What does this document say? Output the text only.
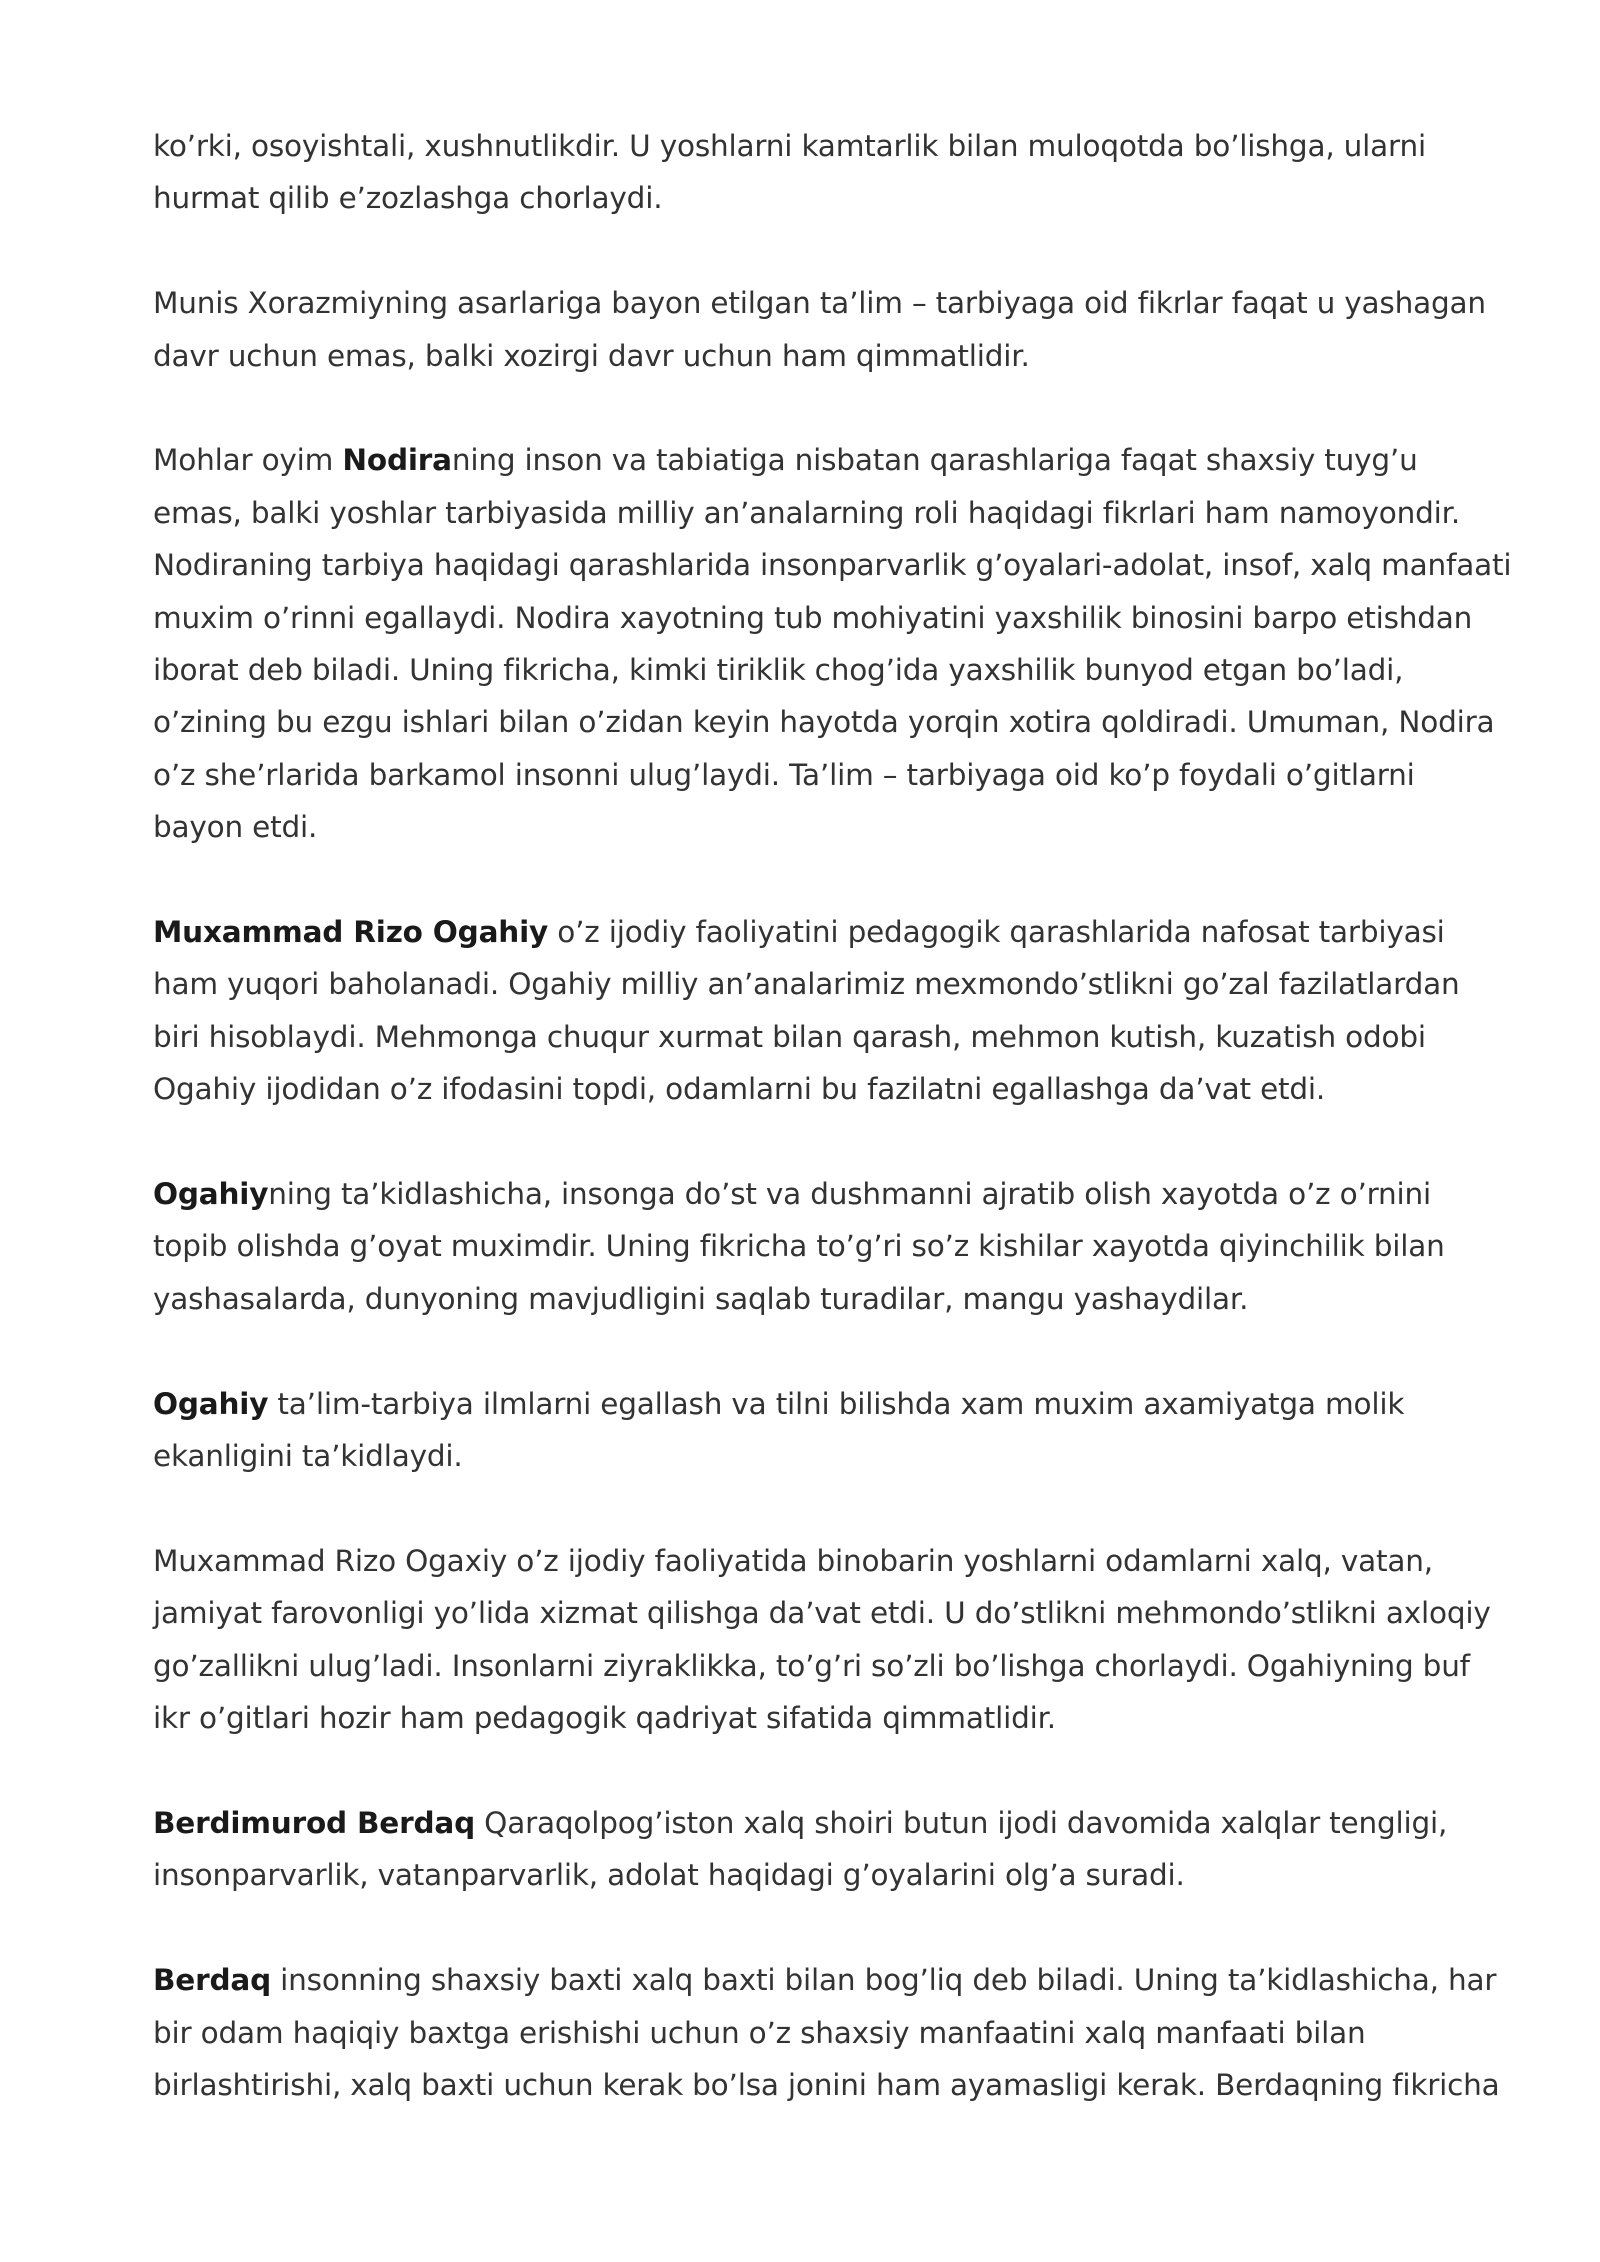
ko’rki, osoyishtali, xushnutlikdir. U yoshlarni kamtarlik bilan muloqotda bo’lishga, ularni hurmat qilib e’zozlashga chorlaydi.

Munis Xorazmiyning asarlariga bayon etilgan ta’lim – tarbiyaga oid fikrlar faqat u yashagan davr uchun emas, balki xozirgi davr uchun ham qimmatlidir.

Mohlar oyim Nodiraning inson va tabiatiga nisbatan qarashlariga faqat shaxsiy tuyg’u emas, balki yoshlar tarbiyasida milliy an’analarning roli haqidagi fikrlari ham namoyondir. Nodiraning tarbiya haqidagi qarashlarida insonparvarlik g’oyalari-adolat, insof, xalq manfaati muxim o’rinni egallaydi. Nodira xayotning tub mohiyatini yaxshilik binosini barpo etishdan iborat deb biladi. Uning fikricha, kimki tiriklik chog’ida yaxshilik bunyod etgan bo’ladi, o’zining bu ezgu ishlari bilan o’zidan keyin hayotda yorqin xotira qoldiradi. Umuman, Nodira o’z she’rlarida barkamol insonni ulug’laydi. Ta’lim – tarbiyaga oid ko’p foydali o’gitlarni bayon etdi.

Muxammad Rizo Ogahiy o’z ijodiy faoliyatini pedagogik qarashlarida nafosat tarbiyasi ham yuqori baholanadi. Ogahiy milliy an’analarimiz mexmondo’stlikni go’zal fazilatlardan biri hisoblaydi. Mehmonga chuqur xurmat bilan qarash, mehmon kutish, kuzatish odobi Ogahiy ijodidan o’z ifodasini topdi, odamlarni bu fazilatni egallashga da’vat etdi.

Ogahiyning ta’kidlashicha, insonga do’st va dushmanni ajratib olish xayotda o’z o’rnini topib olishda g’oyat muximdir. Uning fikricha to’g’ri so’z kishilar xayotda qiyinchilik bilan yashasalarda, dunyoning mavjudligini saqlab turadilar, mangu yashaydilar.

Ogahiy ta’lim-tarbiya ilmlarni egallash va tilni bilishda xam muxim axamiyatga molik ekanligini ta’kidlaydi.

Muxammad Rizo Ogaxiy o’z ijodiy faoliyatida binobarin yoshlarni odamlarni xalq, vatan, jamiyat farovonligi yo’lida xizmat qilishga da’vat etdi. U do’stlikni mehmondo’stlikni axloqiy go’zallikni ulug’ladi. Insonlarni ziyraklikka, to’g’ri so’zli bo’lishga chorlaydi. Ogahiyning buf ikr o’gitlari hozir ham pedagogik qadriyat sifatida qimmatlidir.

Berdimurod Berdaq Qaraqolpog’iston xalq shoiri butun ijodi davomida xalqlar tengligi, insonparvarlik, vatanparvarlik, adolat haqidagi g’oyalarini olg’a suradi.

Berdaq insonning shaxsiy baxti xalq baxti bilan bog’liq deb biladi. Uning ta’kidlashicha, har bir odam haqiqiy baxtga erishishi uchun o’z shaxsiy manfaatini xalq manfaati bilan birlashtirishi, xalq baxti uchun kerak bo’lsa jonini ham ayamasligi kerak. Berdaqning fikricha
